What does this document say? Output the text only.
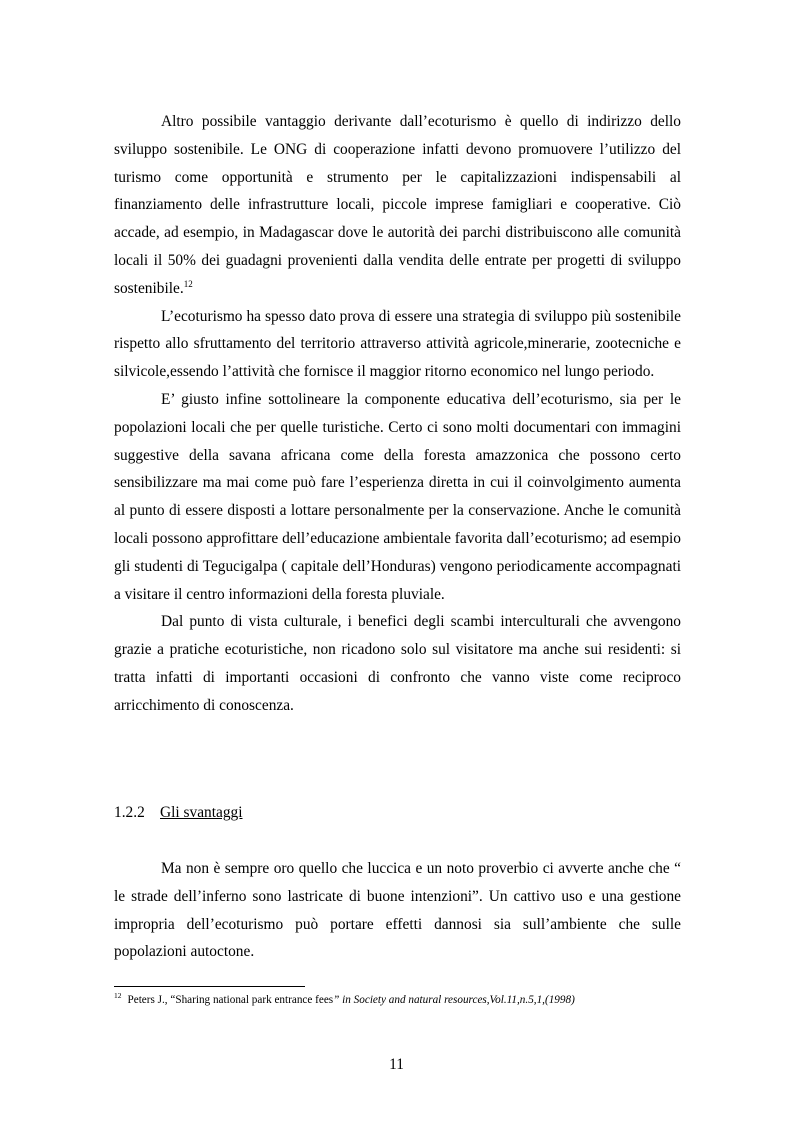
Altro possibile vantaggio derivante dall’ecoturismo è quello di indirizzo dello sviluppo sostenibile. Le ONG di cooperazione infatti devono promuovere l’utilizzo del turismo come opportunità e strumento per le capitalizzazioni indispensabili al finanziamento delle infrastrutture locali, piccole imprese famigliari e cooperative. Ciò accade, ad esempio, in Madagascar dove le autorità dei parchi distribuiscono alle comunità locali il 50% dei guadagni provenienti dalla vendita delle entrate per progetti di sviluppo sostenibile.$^{12}$

L’ecoturismo ha spesso dato prova di essere una strategia di sviluppo più sostenibile rispetto allo sfruttamento del territorio attraverso attività agricole,minerarie, zootecniche e silvicole,essendo l’attività che fornisce il maggior ritorno economico nel lungo periodo.

E’ giusto infine sottolineare la componente educativa dell’ecoturismo, sia per le popolazioni locali che per quelle turistiche. Certo ci sono molti documentari con immagini suggestive della savana africana come della foresta amazzonica che possono certo sensibilizzare ma mai come può fare l’esperienza diretta in cui il coinvolgimento aumenta al punto di essere disposti a lottare personalmente per la conservazione. Anche le comunità locali possono approfittare dell’educazione ambientale favorita dall’ecoturismo; ad esempio gli studenti di Tegucigalpa ( capitale dell’Honduras) vengono periodicamente accompagnati a visitare il centro informazioni della foresta pluviale.

Dal punto di vista culturale, i benefici degli scambi interculturali che avvengono grazie a pratiche ecoturistiche, non ricadono solo sul visitatore ma anche sui residenti: si tratta infatti di importanti occasioni di confronto che vanno viste come reciproco arricchimento di conoscenza.

1.2.2 Gli svantaggi

Ma non è sempre oro quello che luccica e un noto proverbio ci avverte anche che “ le strade dell’inferno sono lastricate di buone intenzioni”. Un cattivo uso e una gestione impropria dell’ecoturismo può portare effetti dannosi sia sull’ambiente che sulle popolazioni autoctone.

$^{12}$ Peters J., “Sharing national park entrance fees” in Society and natural resources,Vol.11,n.5,1,(1998)
11
